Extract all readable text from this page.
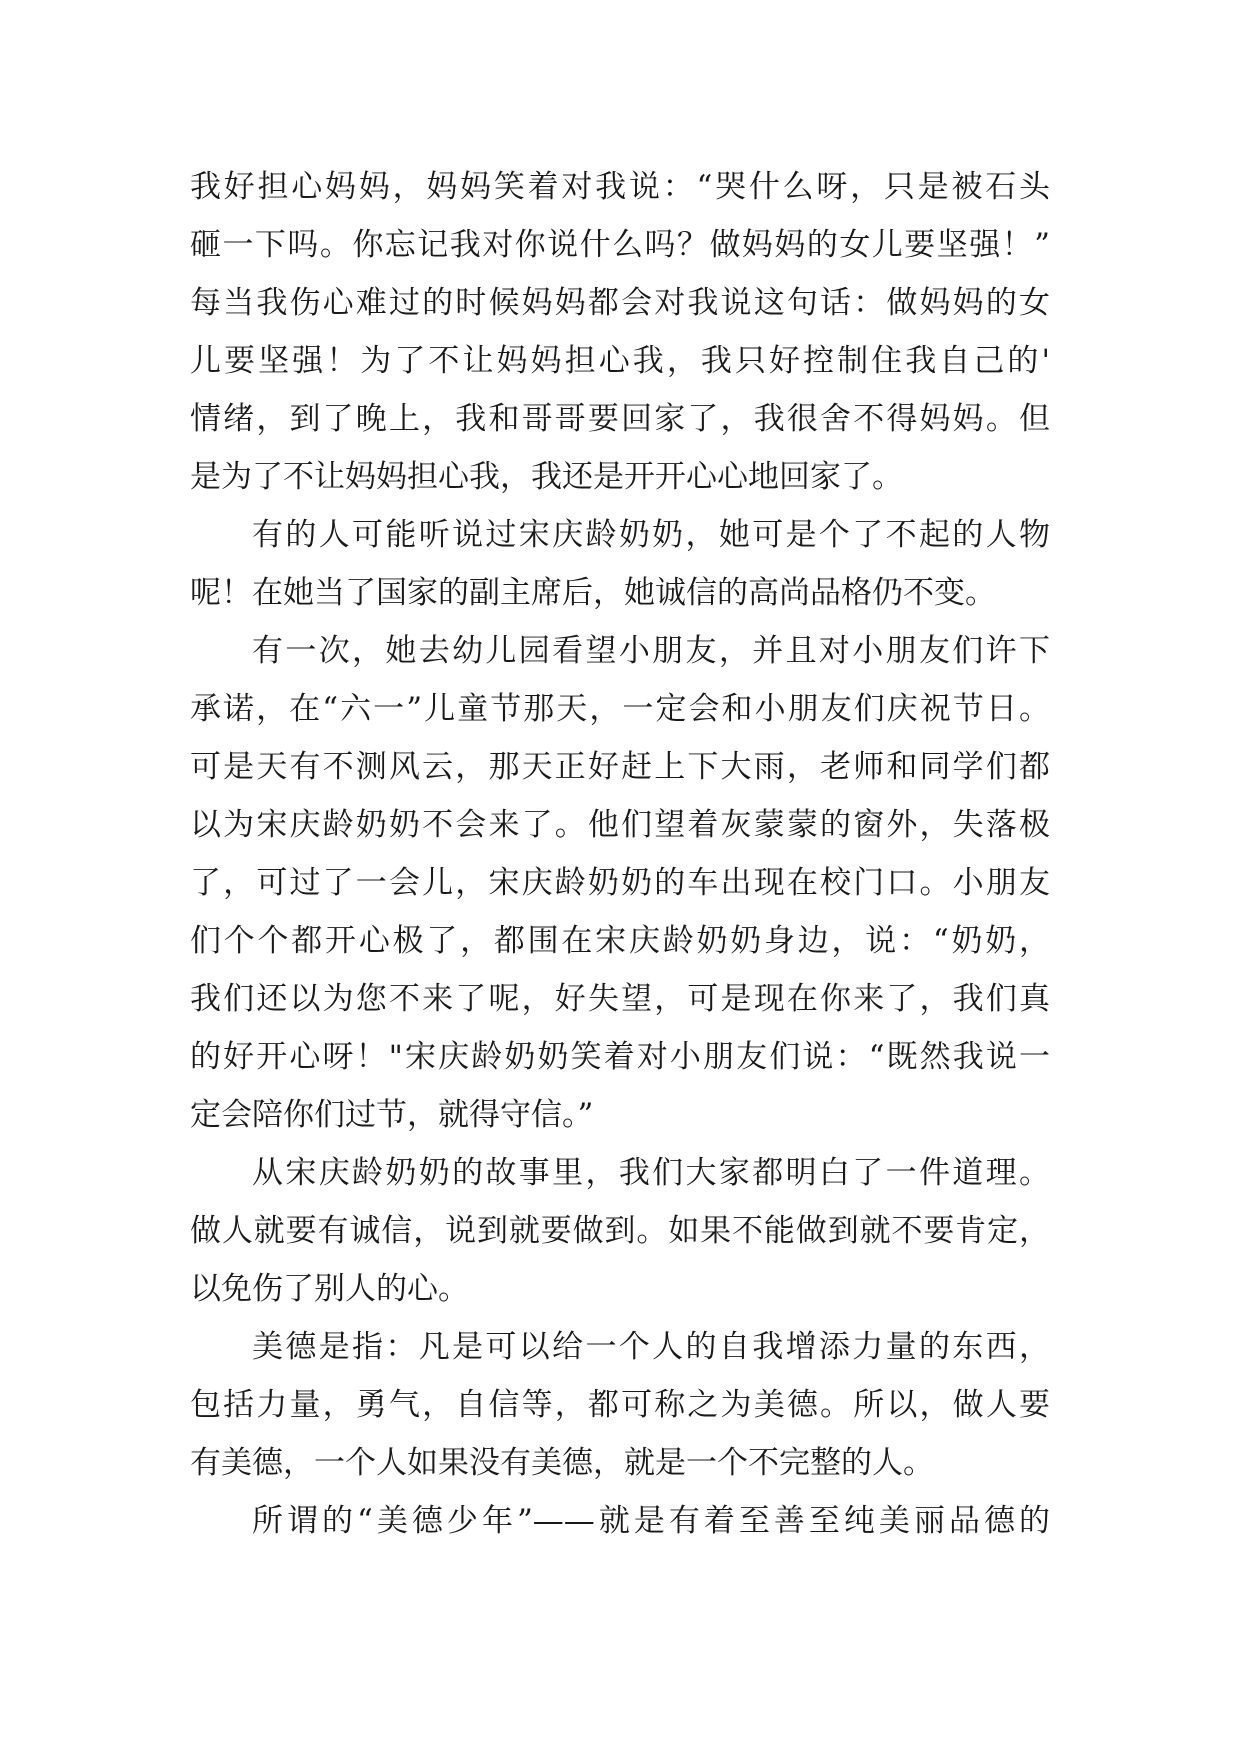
我好担心妈妈，妈妈笑着对我说：“哭什么呀，只是被石头
砸一下吗。你忘记我对你说什么吗？做妈妈的女儿要坚强！”
每当我伤心难过的时候妈妈都会对我说这句话：做妈妈的女
儿要坚强！为了不让妈妈担心我，我只好控制住我自己的'
情绪，到了晚上，我和哥哥要回家了，我很舍不得妈妈。但
是为了不让妈妈担心我，我还是开开心心地回家了。
有的人可能听说过宋庆龄奶奶，她可是个了不起的人物
呢！在她当了国家的副主席后，她诚信的高尚品格仍不变。
有一次，她去幼儿园看望小朋友，并且对小朋友们许下
承诺，在“六一”儿童节那天，一定会和小朋友们庆祝节日。
可是天有不测风云，那天正好赶上下大雨，老师和同学们都
以为宋庆龄奶奶不会来了。他们望着灰蒙蒙的窗外，失落极
了，可过了一会儿，宋庆龄奶奶的车出现在校门口。小朋友
们个个都开心极了，都围在宋庆龄奶奶身边，说：“奶奶，
我们还以为您不来了呢，好失望，可是现在你来了，我们真
的好开心呀！"宋庆龄奶奶笑着对小朋友们说：“既然我说一
定会陪你们过节，就得守信。”
从宋庆龄奶奶的故事里，我们大家都明白了一件道理。
做人就要有诚信，说到就要做到。如果不能做到就不要肯定，
以免伤了别人的心。
美德是指：凡是可以给一个人的自我增添力量的东西，
包括力量，勇气，自信等，都可称之为美德。所以，做人要
有美德，一个人如果没有美德，就是一个不完整的人。
所谓的“美德少年”——就是有着至善至纯美丽品德的
